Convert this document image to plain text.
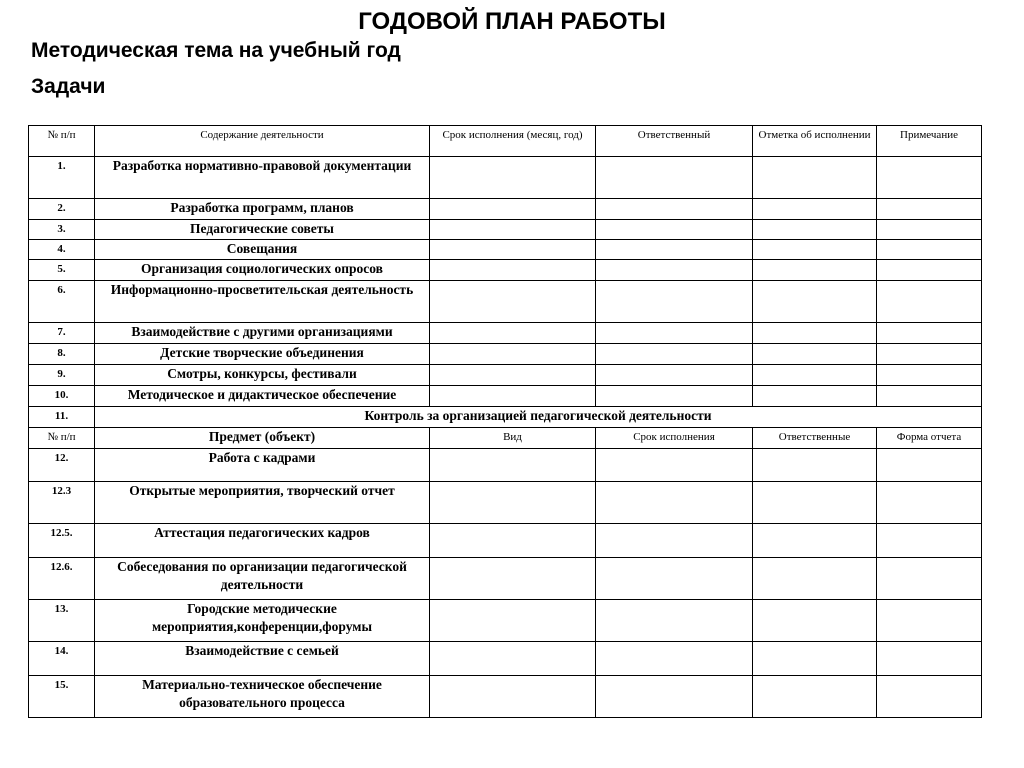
ГОДОВОЙ ПЛАН РАБОТЫ
Методическая тема на учебный год
Задачи
№ п/п	Содержание деятельности	Срок исполнения (месяц, год)	Ответственный	Отметка об исполнении	Примечание
1.	Разработка нормативно-правовой документации				
2.	Разработка программ, планов				
3.	Педагогические советы				
4.	Совещания				
5.	Организация социологических опросов				
6.	Информационно-просветительская деятельность				
7.	Взаимодействие с другими организациями				
8.	Детские творческие объединения				
9.	Смотры, конкурсы, фестивали				
10.	Методическое и дидактическое обеспечение				
11.	Контроль за организацией педагогической деятельности				
№ п/п	Предмет (объект)	Вид	Срок исполнения	Ответственные	Форма отчета
12.	Работа с кадрами				
12.3	Открытые мероприятия, творческий отчет				
12.5.	Аттестация педагогических кадров				
12.6.	Собеседования по организации педагогической деятельности				
13.	Городские методические мероприятия,конференции,форумы				
14.	Взаимодействие с семьей				
15.	Материально-техническое обеспечение образовательного процесса				
